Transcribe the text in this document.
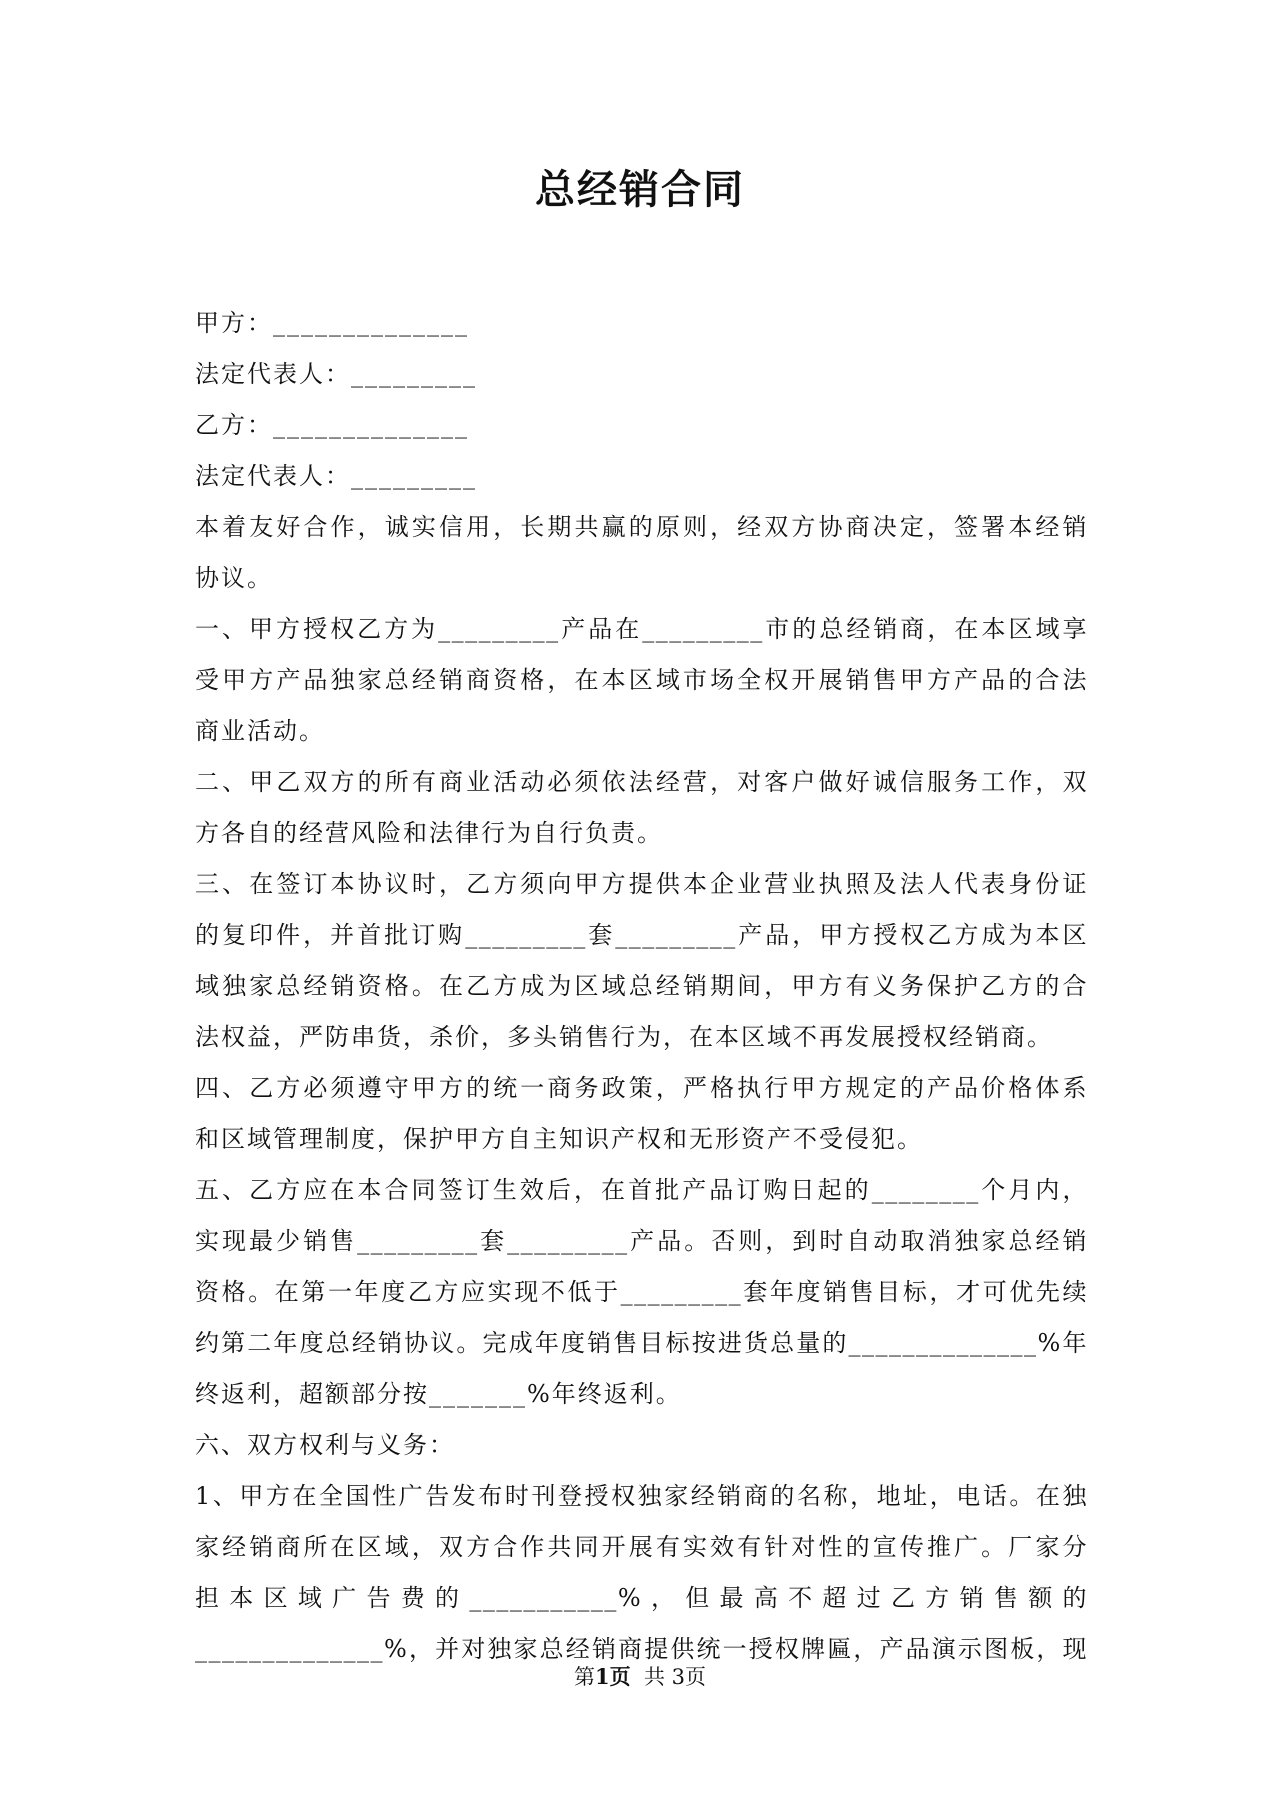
总经销合同
甲方：______________
法定代表人：_________
乙方：______________
法定代表人：_________
本着友好合作，诚实信用，长期共赢的原则，经双方协商决定，签署本经销
协议。
一、甲方授权乙方为_________产品在_________市的总经销商，在本区域享
受甲方产品独家总经销商资格，在本区域市场全权开展销售甲方产品的合法
商业活动。
二、甲乙双方的所有商业活动必须依法经营，对客户做好诚信服务工作，双
方各自的经营风险和法律行为自行负责。
三、在签订本协议时，乙方须向甲方提供本企业营业执照及法人代表身份证
的复印件，并首批订购_________套_________产品，甲方授权乙方成为本区
域独家总经销资格。在乙方成为区域总经销期间，甲方有义务保护乙方的合
法权益，严防串货，杀价，多头销售行为，在本区域不再发展授权经销商。
四、乙方必须遵守甲方的统一商务政策，严格执行甲方规定的产品价格体系
和区域管理制度，保护甲方自主知识产权和无形资产不受侵犯。
五、乙方应在本合同签订生效后，在首批产品订购日起的________个月内，
实现最少销售_________套_________产品。否则，到时自动取消独家总经销
资格。在第一年度乙方应实现不低于_________套年度销售目标，才可优先续
约第二年度总经销协议。完成年度销售目标按进货总量的______________%年
终返利，超额部分按_______%年终返利。
六、双方权利与义务：
1、甲方在全国性广告发布时刊登授权独家经销商的名称，地址，电话。在独
家经销商所在区域，双方合作共同开展有实效有针对性的宣传推广。厂家分
担本区域广告费的___________%，但最高不超过乙方销售额的
______________%，并对独家总经销商提供统一授权牌匾，产品演示图板，现
第1页 共 3页
